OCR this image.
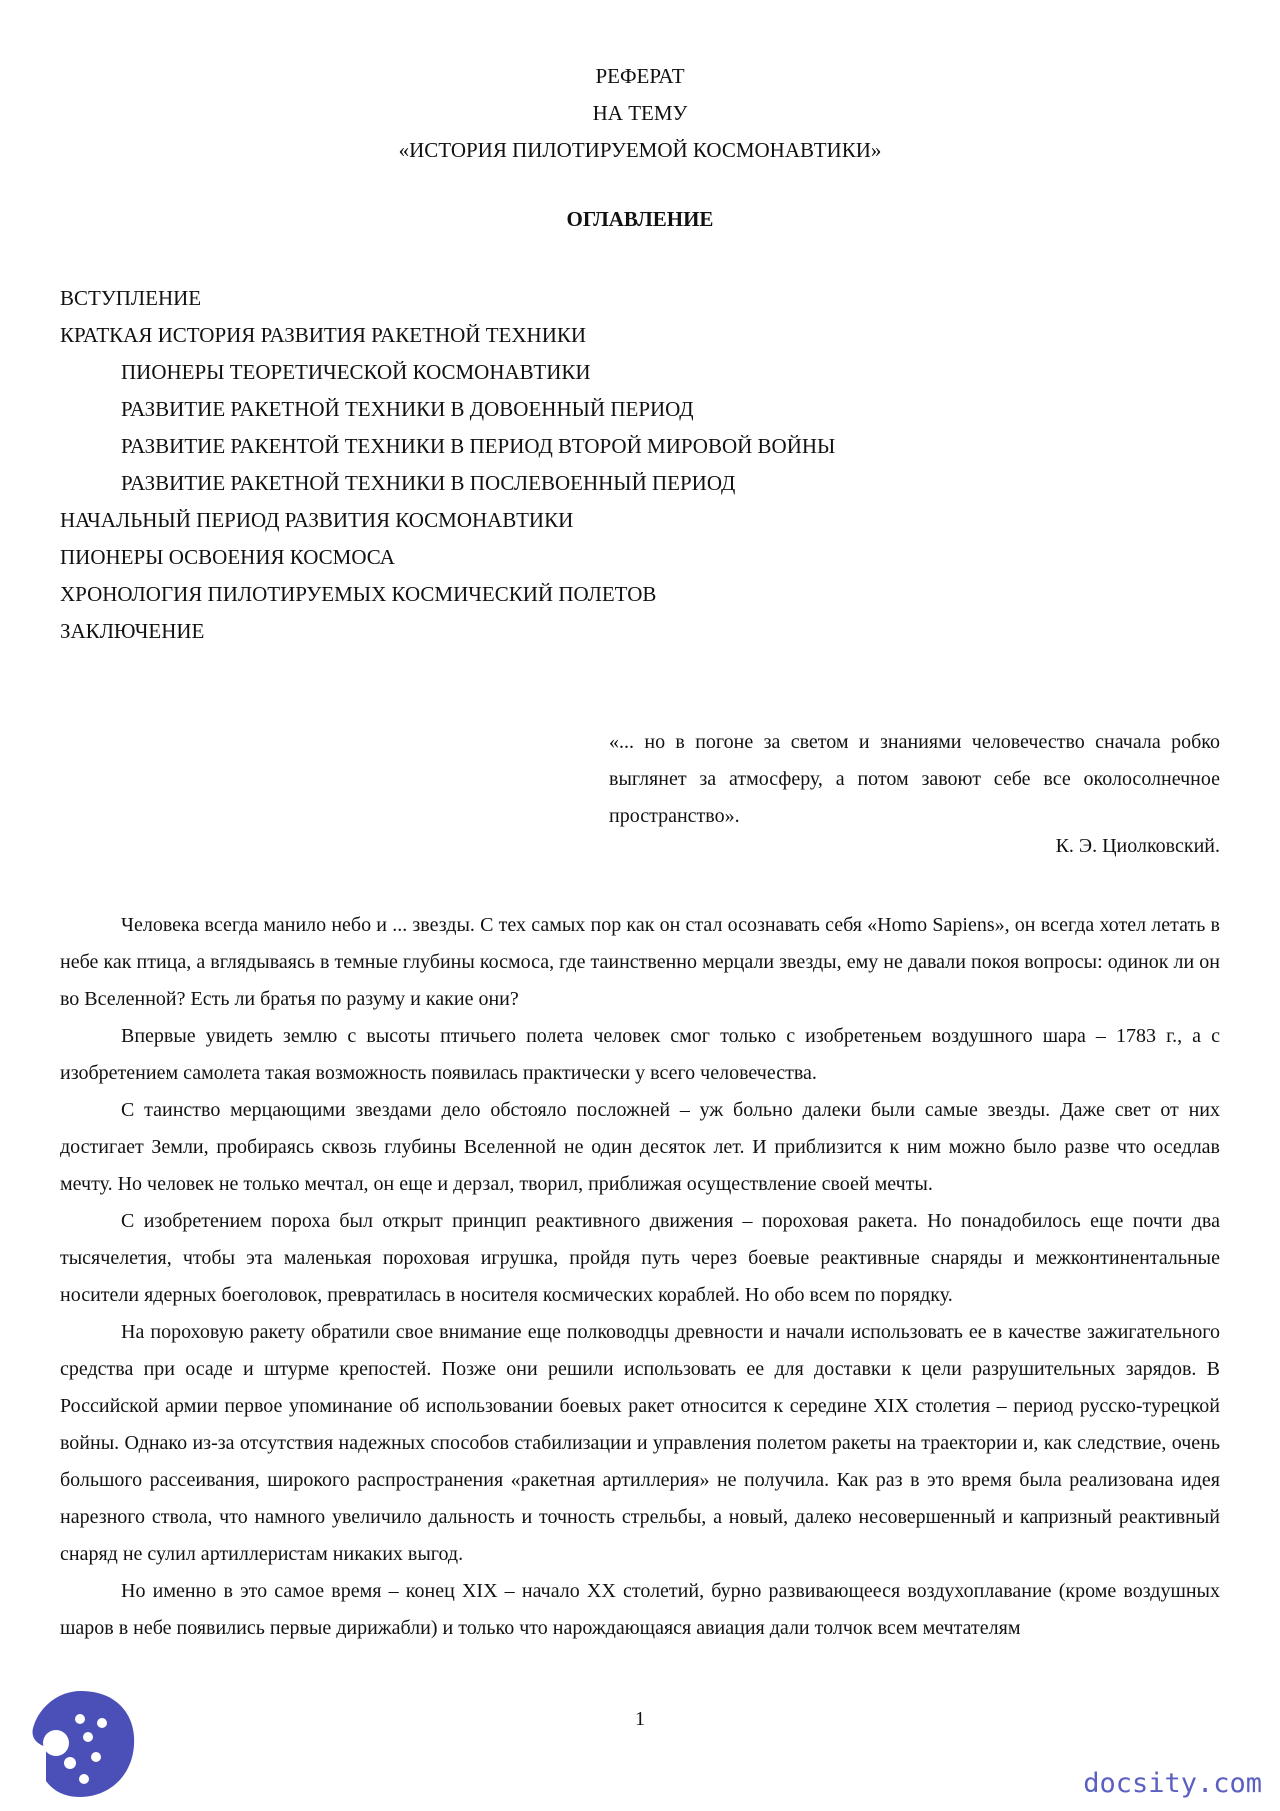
РЕФЕРАТ
НА ТЕМУ
«ИСТОРИЯ ПИЛОТИРУЕМОЙ КОСМОНАВТИКИ»
ОГЛАВЛЕНИЕ
ВСТУПЛЕНИЕ
КРАТКАЯ ИСТОРИЯ РАЗВИТИЯ РАКЕТНОЙ ТЕХНИКИ
ПИОНЕРЫ ТЕОРЕТИЧЕСКОЙ КОСМОНАВТИКИ
РАЗВИТИЕ РАКЕТНОЙ ТЕХНИКИ В ДОВОЕННЫЙ ПЕРИОД
РАЗВИТИЕ РАКЕНТОЙ ТЕХНИКИ В ПЕРИОД ВТОРОЙ МИРОВОЙ ВОЙНЫ
РАЗВИТИЕ РАКЕТНОЙ ТЕХНИКИ В ПОСЛЕВОЕННЫЙ ПЕРИОД
НАЧАЛЬНЫЙ ПЕРИОД РАЗВИТИЯ КОСМОНАВТИКИ
ПИОНЕРЫ ОСВОЕНИЯ КОСМОСА
ХРОНОЛОГИЯ ПИЛОТИРУЕМЫХ КОСМИЧЕСКИЙ ПОЛЕТОВ
ЗАКЛЮЧЕНИЕ
«... но в погоне за светом и знаниями человечество сначала робко выглянет за атмосферу, а потом завоют себе все околосолнечное пространство».
К. Э. Циолковский.

Человека всегда манило небо и ... звезды. С тех самых пор как он стал осознавать себя «Homo Sapiens», он всегда хотел летать в небе как птица, а вглядываясь в темные глубины космоса, где таинственно мерцали звезды, ему не давали покоя вопросы: одинок ли он во Вселенной? Есть ли братья по разуму и какие они?

Впервые увидеть землю с высоты птичьего полета человек смог только с изобретеньем воздушного шара – 1783 г., а с изобретением самолета такая возможность появилась практически у всего человечества.

С таинство мерцающими звездами дело обстояло посложней – уж больно далеки были самые звезды. Даже свет от них достигает Земли, пробираясь сквозь глубины Вселенной не один десяток лет. И приблизится к ним можно было разве что оседлав мечту. Но человек не только мечтал, он еще и дерзал, творил, приближая осуществление своей мечты.

С изобретением пороха был открыт принцип реактивного движения – пороховая ракета. Но понадобилось еще почти два тысячелетия, чтобы эта маленькая пороховая игрушка, пройдя путь через боевые реактивные снаряды и межконтинентальные носители ядерных боеголовок, превратилась в носителя космических кораблей. Но обо всем по порядку.

На пороховую ракету обратили свое внимание еще полководцы древности и начали использовать ее в качестве зажигательного средства при осаде и штурме крепостей. Позже они решили использовать ее для доставки к цели разрушительных зарядов. В Российской армии первое упоминание об использовании боевых ракет относится к середине XIX столетия – период русско-турецкой войны. Однако из-за отсутствия надежных способов стабилизации и управления полетом ракеты на траектории и, как следствие, очень большого рассеивания, широкого распространения «ракетная артиллерия» не получила. Как раз в это время была реализована идея нарезного ствола, что намного увеличило дальность и точность стрельбы, а новый, далеко несовершенный и капризный реактивный снаряд не сулил артиллеристам никаких выгод.

Но именно в это самое время – конец XIX – начало XX столетий, бурно развивающееся воздухоплавание (кроме воздушных шаров в небе появились первые дирижабли) и только что нарождающаяся авиация дали толчок всем мечтателям

1
docsity.com
